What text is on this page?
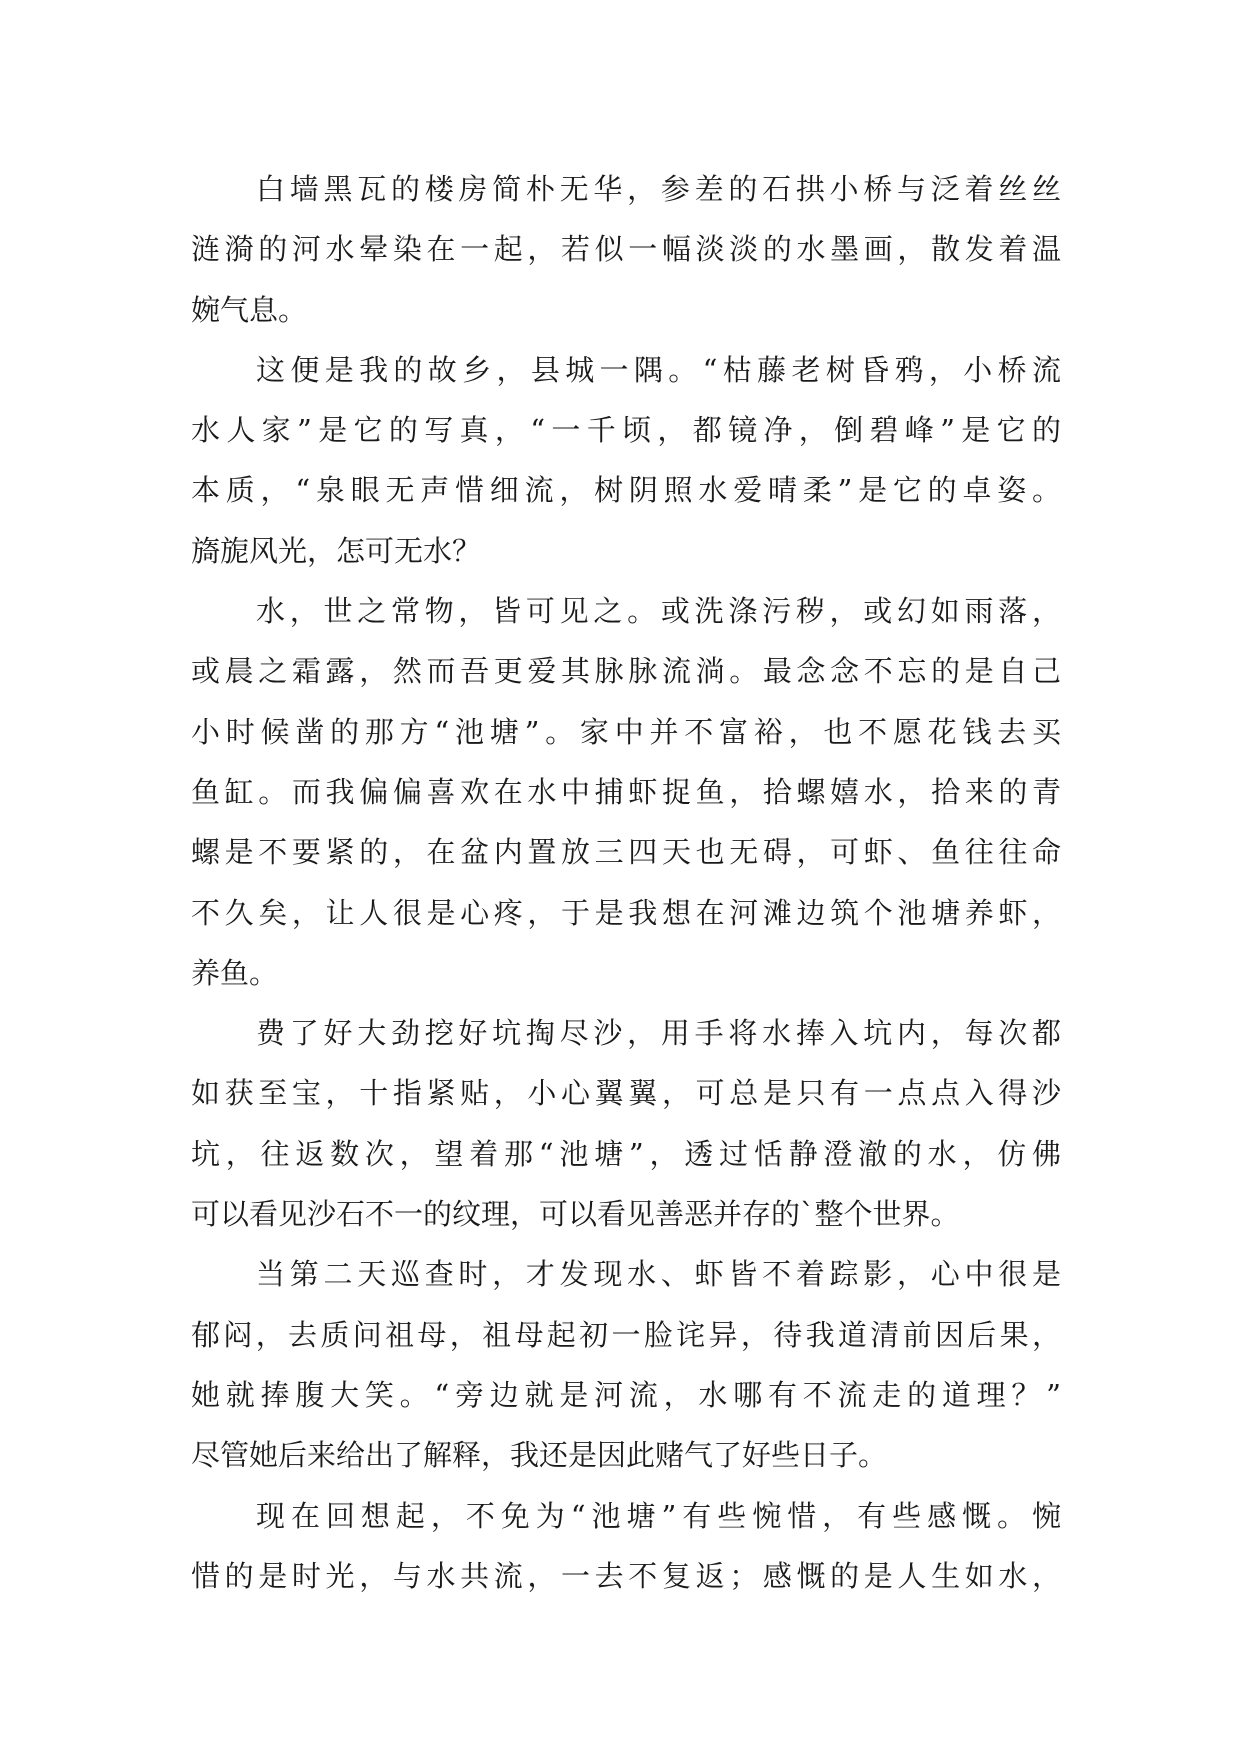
白墙黑瓦的楼房简朴无华，参差的石拱小桥与泛着丝丝
涟漪的河水晕染在一起，若似一幅淡淡的水墨画，散发着温
婉气息。
这便是我的故乡，县城一隅。“枯藤老树昏鸦，小桥流
水人家”是它的写真，“一千顷，都镜净，倒碧峰”是它的
本质，“泉眼无声惜细流，树阴照水爱晴柔”是它的卓姿。
旖旎风光，怎可无水？
水，世之常物，皆可见之。或洗涤污秽，或幻如雨落，
或晨之霜露，然而吾更爱其脉脉流淌。最念念不忘的是自己
小时候凿的那方“池塘”。家中并不富裕，也不愿花钱去买
鱼缸。而我偏偏喜欢在水中捕虾捉鱼，拾螺嬉水，拾来的青
螺是不要紧的，在盆内置放三四天也无碍，可虾、鱼往往命
不久矣，让人很是心疼，于是我想在河滩边筑个池塘养虾，
养鱼。
费了好大劲挖好坑掏尽沙，用手将水捧入坑内，每次都
如获至宝，十指紧贴，小心翼翼，可总是只有一点点入得沙
坑，往返数次，望着那“池塘”，透过恬静澄澈的水，仿佛
可以看见沙石不一的纹理，可以看见善恶并存的`整个世界。
当第二天巡查时，才发现水、虾皆不着踪影，心中很是
郁闷，去质问祖母，祖母起初一脸诧异，待我道清前因后果，
她就捧腹大笑。“旁边就是河流，水哪有不流走的道理？”
尽管她后来给出了解释，我还是因此赌气了好些日子。
现在回想起，不免为“池塘”有些惋惜，有些感慨。惋
惜的是时光，与水共流，一去不复返；感慨的是人生如水，
